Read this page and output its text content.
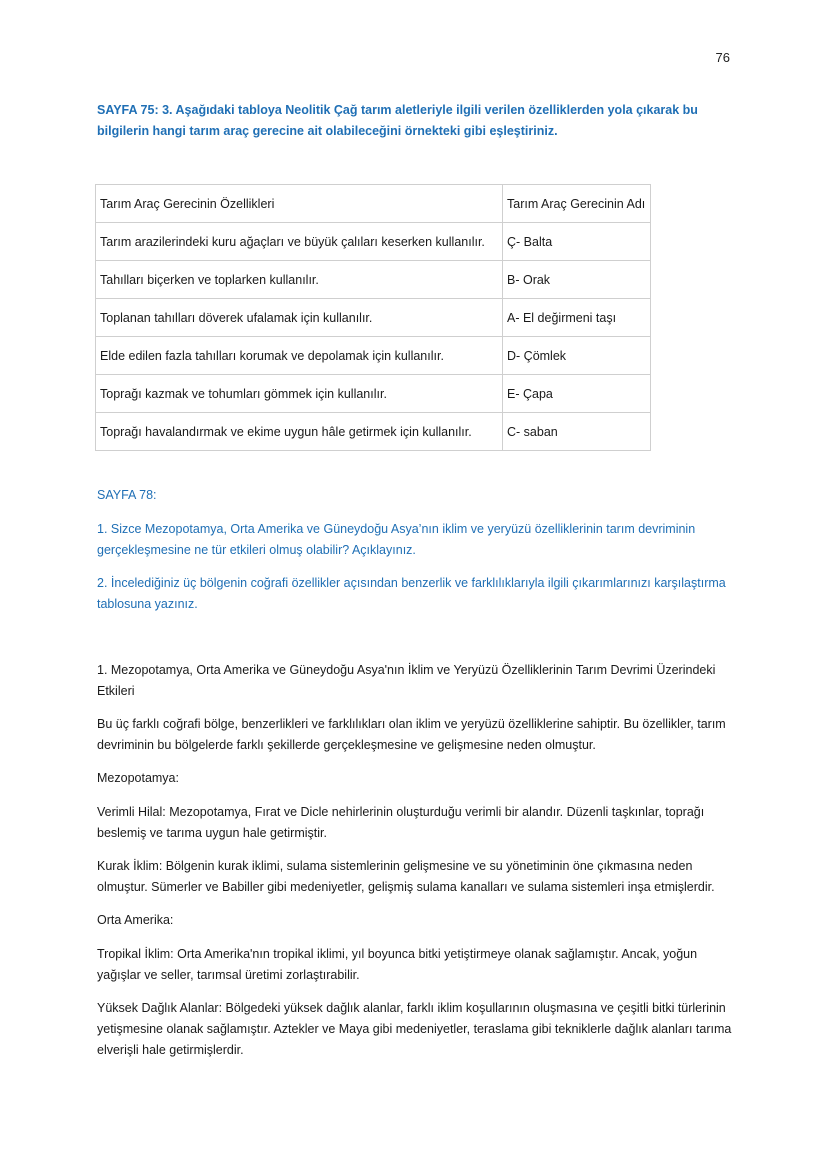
76
SAYFA 75: 3. Aşağıdaki tabloya Neolitik Çağ tarım aletleriyle ilgili verilen özelliklerden yola çıkarak bu bilgilerin hangi tarım araç gerecine ait olabileceğini örnekteki gibi eşleştiriniz.
Tarım Araç Gerecinin Özellikleri	Tarım Araç Gerecinin Adı
Tarım arazilerindeki kuru ağaçları ve büyük çalıları keserken kullanılır.	Ç- Balta
Tahılları biçerken ve toplarken kullanılır.	B- Orak
Toplanan tahılları döverek ufalamak için kullanılır.	A- El değirmeni taşı
Elde edilen fazla tahılları korumak ve depolamak için kullanılır.	D- Çömlek
Toprağı kazmak ve tohumları gömmek için kullanılır.	E- Çapa
Toprağı havalandırmak ve ekime uygun hâle getirmek için kullanılır.	C- saban
SAYFA 78:
1. Sizce Mezopotamya, Orta Amerika ve Güneydoğu Asya’nın iklim ve yeryüzü özelliklerinin tarım devriminin gerçekleşmesine ne tür etkileri olmuş olabilir? Açıklayınız.
2. İncelediğiniz üç bölgenin coğrafi özellikler açısından benzerlik ve farklılıklarıyla ilgili çıkarımlarınızı karşılaştırma tablosuna yazınız.
1. Mezopotamya, Orta Amerika ve Güneydoğu Asya'nın İklim ve Yeryüzü Özelliklerinin Tarım Devrimi Üzerindeki Etkileri
Bu üç farklı coğrafi bölge, benzerlikleri ve farklılıkları olan iklim ve yeryüzü özelliklerine sahiptir. Bu özellikler, tarım devriminin bu bölgelerde farklı şekillerde gerçekleşmesine ve gelişmesine neden olmuştur.
Mezopotamya:
Verimli Hilal: Mezopotamya, Fırat ve Dicle nehirlerinin oluşturduğu verimli bir alandır. Düzenli taşkınlar, toprağı beslemiş ve tarıma uygun hale getirmiştir.
Kurak İklim: Bölgenin kurak iklimi, sulama sistemlerinin gelişmesine ve su yönetiminin öne çıkmasına neden olmuştur. Sümerler ve Babiller gibi medeniyetler, gelişmiş sulama kanalları ve sulama sistemleri inşa etmişlerdir.
Orta Amerika:
Tropikal İklim: Orta Amerika'nın tropikal iklimi, yıl boyunca bitki yetiştirmeye olanak sağlamıştır. Ancak, yoğun yağışlar ve seller, tarımsal üretimi zorlaştırabilir.
Yüksek Dağlık Alanlar: Bölgedeki yüksek dağlık alanlar, farklı iklim koşullarının oluşmasına ve çeşitli bitki türlerinin yetişmesine olanak sağlamıştır. Aztekler ve Maya gibi medeniyetler, teraslama gibi tekniklerle dağlık alanları tarıma elverişli hale getirmişlerdir.
